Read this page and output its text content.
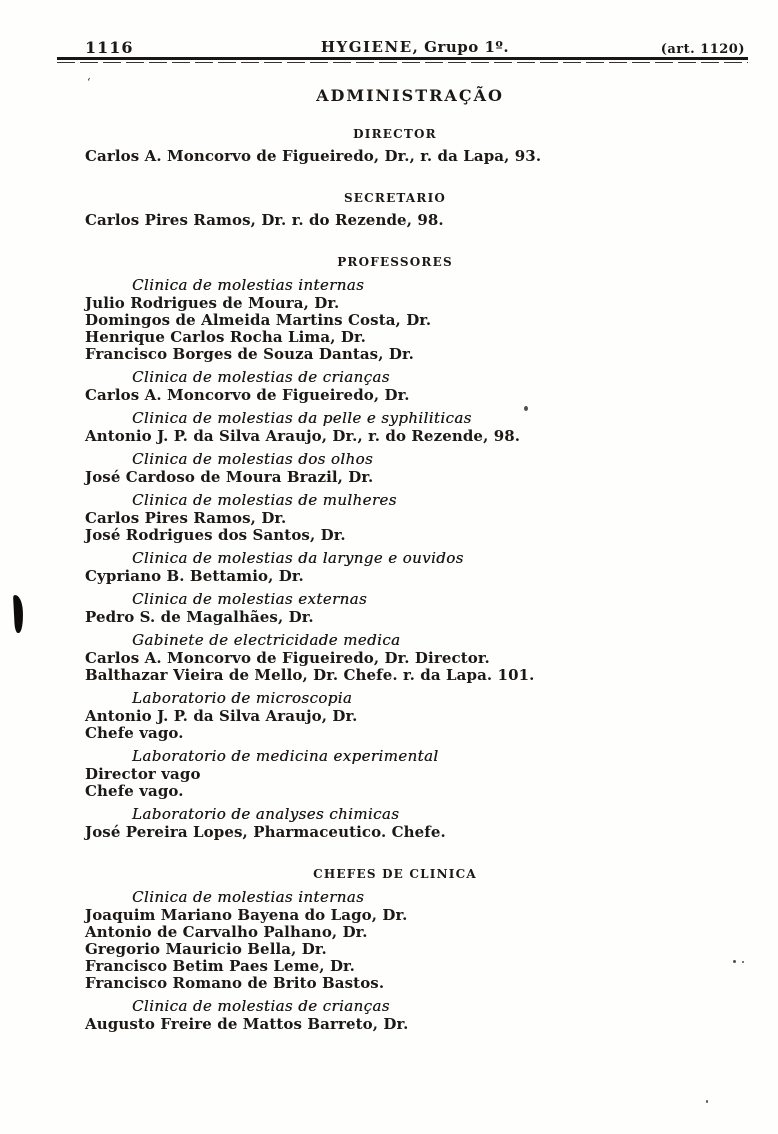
1116	HYGIENE, Grupo 1º.	(art. 1120)
‘
ADMINISTRAÇÃO
DIRECTOR
Carlos A. Moncorvo de Figueiredo, Dr., r. da Lapa, 93.
SECRETARIO
Carlos Pires Ramos, Dr. r. do Rezende, 98.
PROFESSORES
Clinica de molestias internas
Julio Rodrigues de Moura, Dr.
Domingos de Almeida Martins Costa, Dr.
Henrique Carlos Rocha Lima, Dr.
Francisco Borges de Souza Dantas, Dr.
Clinica de molestias de crianças
Carlos A. Moncorvo de Figueiredo, Dr.
Clinica de molestias da pelle e syphiliticas
Antonio J. P. da Silva Araujo, Dr., r. do Rezende, 98.
Clinica de molestias dos olhos
José Cardoso de Moura Brazil, Dr.
Clinica de molestias de mulheres
Carlos Pires Ramos, Dr.
José Rodrigues dos Santos, Dr.
Clinica de molestias da larynge e ouvidos
Cypriano B. Bettamio, Dr.
Clinica de molestias externas
Pedro S. de Magalhães, Dr.
Gabinete de electricidade medica
Carlos A. Moncorvo de Figueiredo, Dr. Director.
Balthazar Vieira de Mello, Dr. Chefe. r. da Lapa. 101.
Laboratorio de microscopia
Antonio J. P. da Silva Araujo, Dr.
Chefe vago.
Laboratorio de medicina experimental
Director vago
Chefe vago.
Laboratorio de analyses chimicas
José Pereira Lopes, Pharmaceutico. Chefe.
CHEFES DE CLINICA
Clinica de molestias internas
Joaquim Mariano Bayena do Lago, Dr.
Antonio de Carvalho Palhano, Dr.
Gregorio Mauricio Bella, Dr.
Francisco Betim Paes Leme, Dr.
Francisco Romano de Brito Bastos.
Clinica de molestias de crianças
Augusto Freire de Mattos Barreto, Dr.
